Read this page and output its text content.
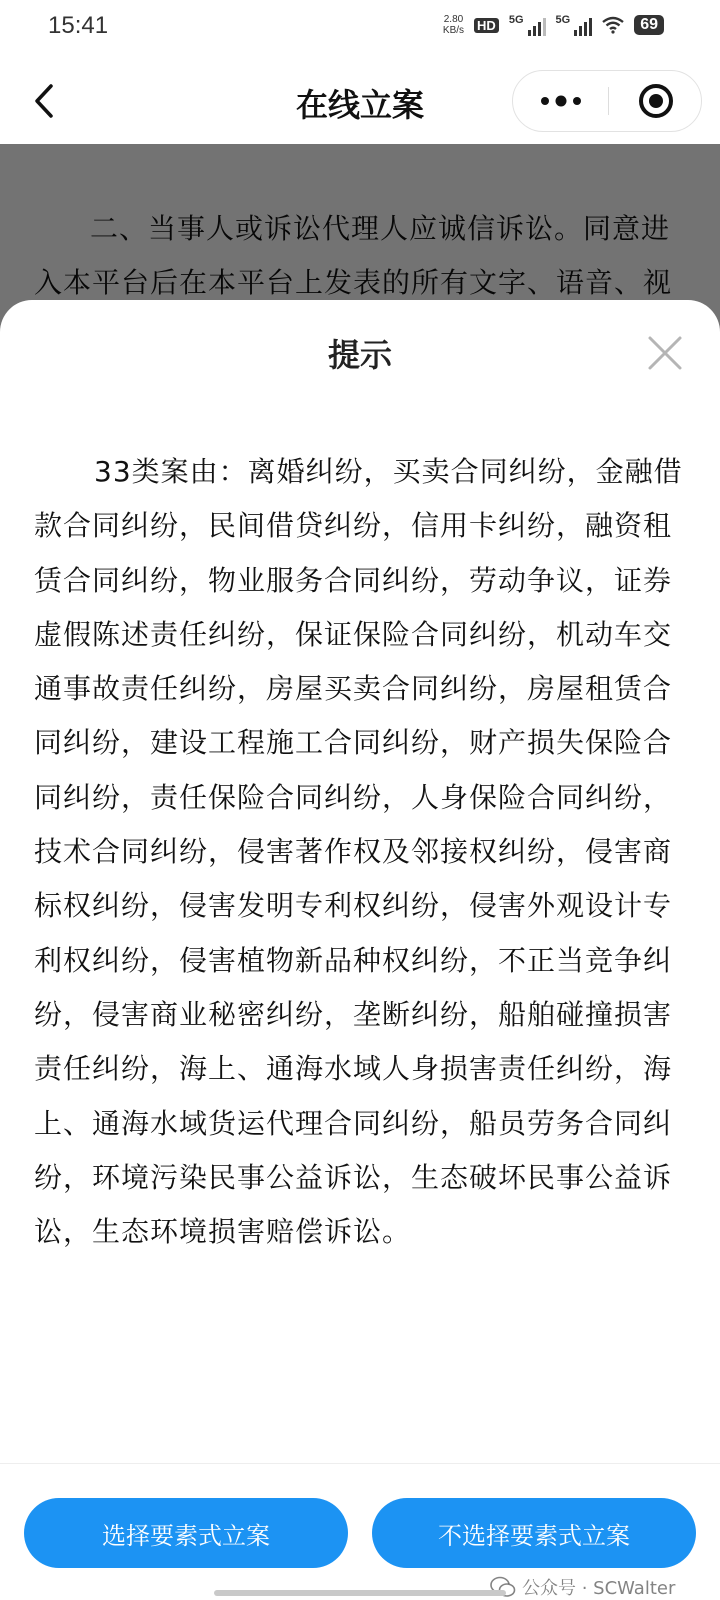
15:41	2.80
KB/s HD 5G	5G	69
在线立案
提示
33类案由：离婚纠纷，买卖合同纠纷，金融借款合同纠纷，民间借贷纠纷，信用卡纠纷，融资租赁合同纠纷，物业服务合同纠纷，劳动争议，证券虚假陈述责任纠纷，保证保险合同纠纷，机动车交通事故责任纠纷，房屋买卖合同纠纷，房屋租赁合同纠纷，建设工程施工合同纠纷，财产损失保险合同纠纷，责任保险合同纠纷，人身保险合同纠纷，技术合同纠纷，侵害著作权及邻接权纠纷，侵害商标权纠纷，侵害发明专利权纠纷，侵害外观设计专利权纠纷，侵害植物新品种权纠纷，不正当竞争纠纷，侵害商业秘密纠纷，垄断纠纷，船舶碰撞损害责任纠纷，海上、通海水域人身损害责任纠纷，海上、通海水域货运代理合同纠纷，船员劳务合同纠纷，环境污染民事公益诉讼，生态破坏民事公益诉讼，生态环境损害赔偿诉讼。
选择要素式立案	不选择要素式立案
公众号 · SCWalter
